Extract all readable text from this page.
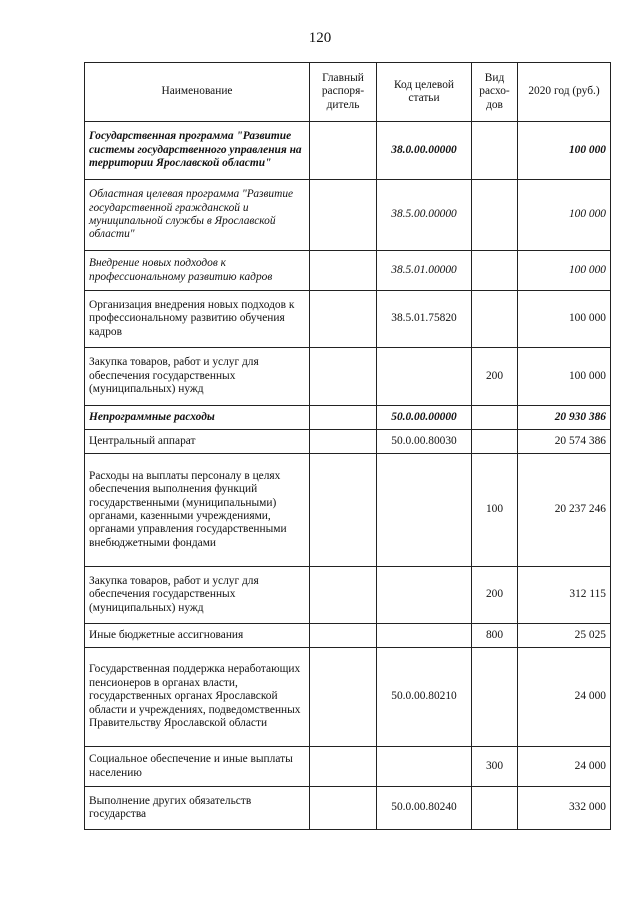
120
Наименование	Главный распоря-дитель	Код целевой статьи	Вид расхо-дов	2020 год (руб.)
Государственная программа "Развитие системы государственного управления на территории Ярославской области"		38.0.00.00000		100 000
Областная целевая программа "Развитие государственной гражданской и муниципальной службы в Ярославской области"		38.5.00.00000		100 000
Внедрение новых подходов к профессиональному развитию кадров		38.5.01.00000		100 000
Организация внедрения новых подходов к профессиональному развитию обучения кадров		38.5.01.75820		100 000
Закупка товаров, работ и услуг для обеспечения государственных (муниципальных) нужд			200	100 000
Непрограммные расходы		50.0.00.00000		20 930 386
Центральный аппарат		50.0.00.80030		20 574 386
Расходы на выплаты персоналу в целях обеспечения выполнения функций государственными (муниципальными) органами, казенными учреждениями, органами управления государственными внебюджетными фондами			100	20 237 246
Закупка товаров, работ и услуг для обеспечения государственных (муниципальных) нужд			200	312 115
Иные бюджетные ассигнования			800	25 025
Государственная поддержка неработающих пенсионеров в органах власти, государственных органах Ярославской области и учреждениях, подведомственных Правительству Ярославской области		50.0.00.80210		24 000
Социальное обеспечение и иные выплаты населению			300	24 000
Выполнение других обязательств государства		50.0.00.80240		332 000
